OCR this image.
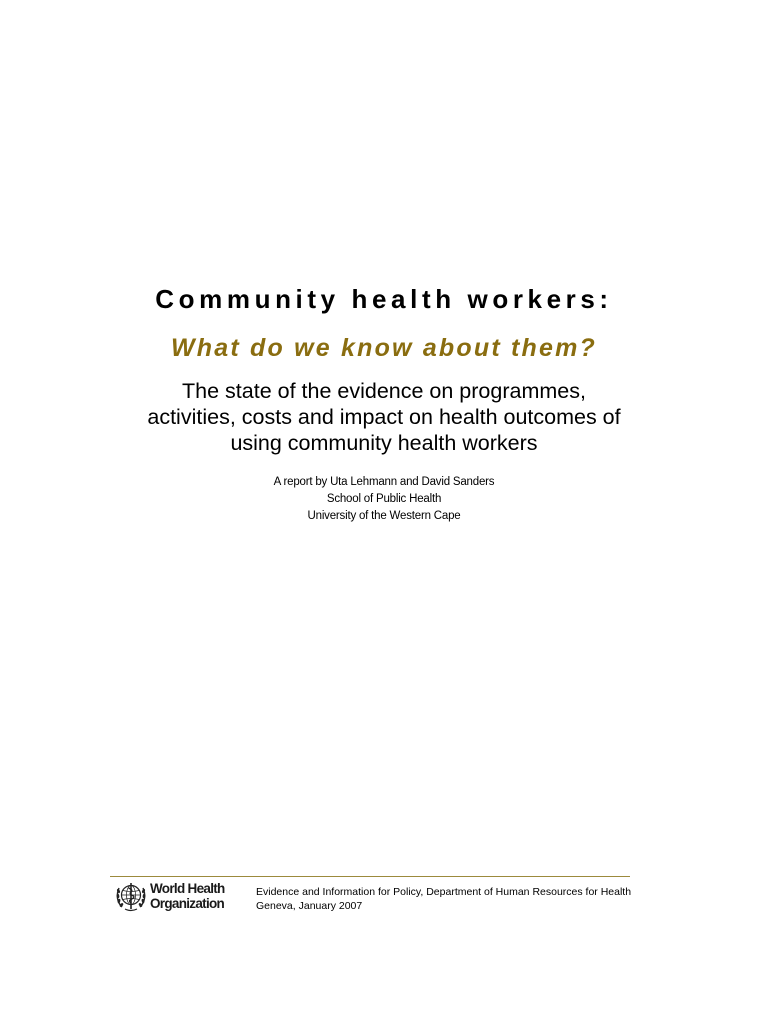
Community health workers:
What do we know about them?

The state of the evidence on programmes,
activities, costs and impact on health outcomes of
using community health workers

A report by Uta Lehmann and David Sanders
School of Public Health
University of the Western Cape

World Health
Organization

Evidence and Information for Policy, Department of Human Resources for Health
Geneva, January 2007
